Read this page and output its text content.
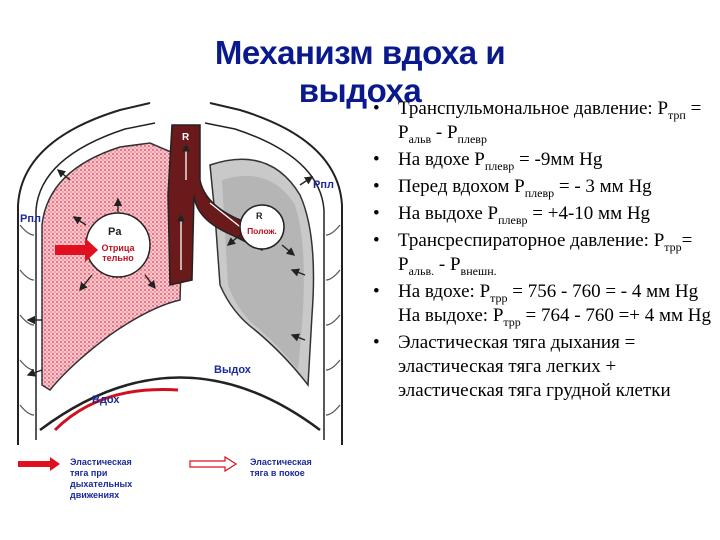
Механизм вдоха и выдоха
Pпл
Pпл
Pa
R
R
Отрица тельно
Полож.
Выдох
Вдох
Эластическая тяга при дыхательных движениях
Эластическая тяга в покое
• Транспульмональное давление: $P_{трп} = P_{альв} - P_{плевр}$
• На вдохе $P_{плевр} = -9мм$ Hg
• Перед вдохом $P_{плевр}$ = - 3 мм Hg
• На выдохе $P_{плевр} = +4-10$ мм Hg
• Трансреспираторное давление: $P_{трр}= P_{альв.} - P_{внешн.}$
• На вдохе: $P_{трр} = 756 - 760$ = - 4 мм Hg На выдохе: $P_{трр} = 764 - 760 =+ 4$ мм Hg
• Эластическая тяга дыхания = эластическая тяга легких + эластическая тяга грудной клетки
